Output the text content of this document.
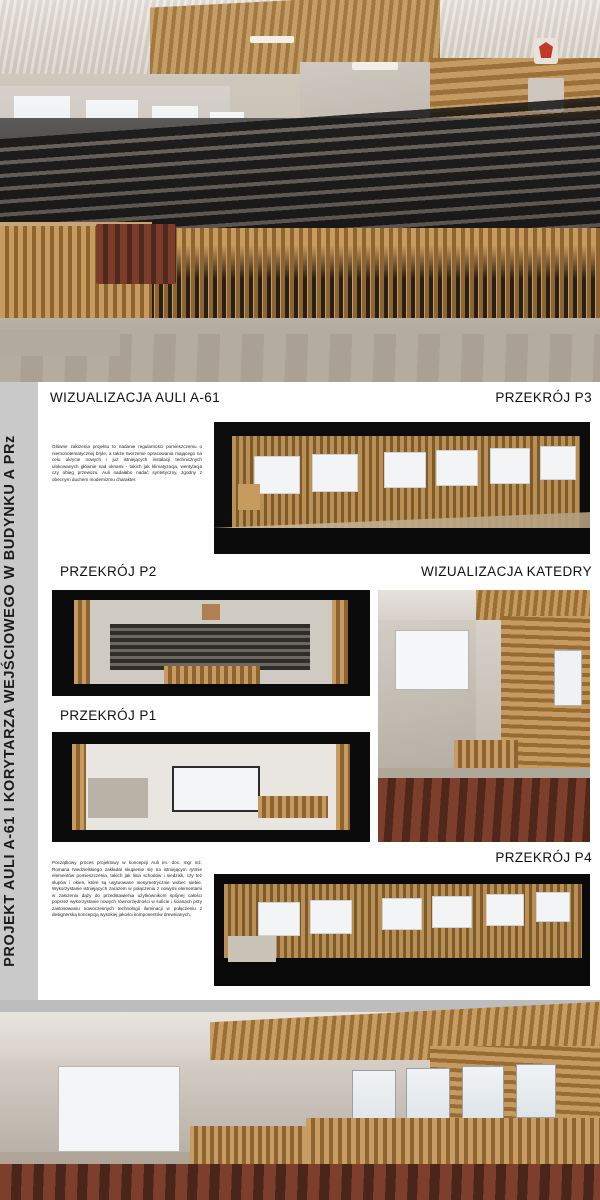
PROJEKT AULI A-61 I KORYTARZA WEJŚCIOWEGO W BUDYNKU A PRz
WIZUALIZACJA AULI A-61	PRZEKRÓJ P3
Główne założenia projektu to nadanie regularności pomieszczeniu o niemonotematycznej bryle, a także tworzenie opracowania mającego na celu ukrycie nowych i już istniejących instalacji technicznych ulokowanych głównie nad oknami - takich jak klimatyzacja, wentylacja czy obieg przewozu. Auli nadałabo nadać syntetyczny, zgodny z obecnym duchem modernizmu charakter.
PRZEKRÓJ P2	WIZUALIZACJA KATEDRY
PRZEKRÓJ P1
PRZEKRÓJ P4
Początkowy proces projektowy w koncepcji Auli im. doc. mgr inż. Romana Niedzielskiego zakładał skupienie się na istniejącym rytmie elementów pomieszczenia, takich jak linia schodów i siedzisk, czy też słupów i okien, które są usytuowane niesymetrycznie wobec siebie. Wykorzystanie istniejących zarazem w połączeniu z nowymi elementami w założeniu dąży do przedstawienia użytkownikom spójnej całości poprzez wykorzystanie nowych równorzędności w suficie i ścianach przy zastosowaniu nowoczesnych technologii iluminacji w połączeniu z designerską koncepcją wysokiej jakości komponentów drewnianych.
